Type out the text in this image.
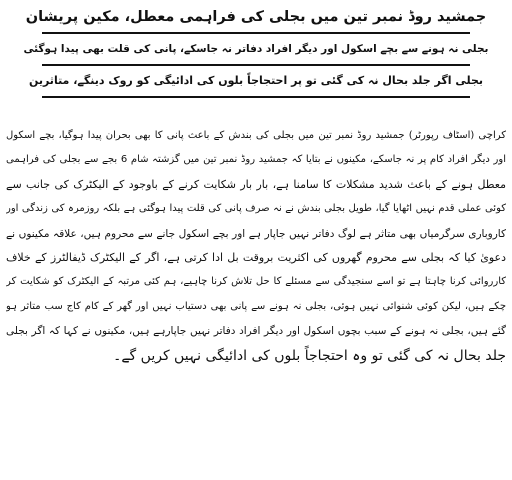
جمشید روڈ نمبر تین میں بجلی کی فراہمی معطل، مکین پریشان
بجلی نہ ہونے سے بچے اسکول اور دیگر افراد دفاتر نہ جاسکے، پانی کی قلت بھی پیدا ہوگئی
بجلی اگر جلد بحال نہ کی گئی تو پر احتجاجاً بلوں کی ادائیگی کو روک دینگے، متاثرین
کراچی (اسٹاف رپورٹر) جمشید روڈ نمبر تین میں بجلی کی بندش کے باعث پانی کا بھی بحران پیدا ہوگیا، بچے اسکول
اور دیگر افراد کام پر نہ جاسکے، مکینوں نے بتایا کہ جمشید روڈ نمبر تین میں گزشتہ شام 6 بجے سے بجلی کی فراہمی
معطل ہونے کے باعث شدید مشکلات کا سامنا ہے، بار بار شکایت کرنے کے باوجود کے الیکٹرک کی جانب سے
کوئی عملی قدم نہیں اٹھایا گیا، طویل بجلی بندش نے نہ صرف پانی کی قلت پیدا ہوگئی ہے بلکہ روزمرہ کی زندگی اور
کاروباری سرگرمیاں بھی متاثر ہے لوگ دفاتر نہیں جاپار ہے اور بچے اسکول جانے سے محروم ہیں، علاقہ مکینوں نے
دعویٰ کیا کہ بجلی سے محروم گھروں کی اکثریت بروقت بل ادا کرتی ہے، اگر کے الیکٹرک ڈیفالٹرز کے خلاف
کارروائی کرنا چاہتا ہے تو اسے سنجیدگی سے مسئلے کا حل تلاش کرنا چاہیے، ہم کئی مرتبہ کے الیکٹرک کو شکایت کر
چکے ہیں، لیکن کوئی شنوائی نہیں ہوئی، بجلی نہ ہونے سے پانی بھی دستیاب نہیں اور گھر کے کام کاج سب متاثر ہو
گئے ہیں، بجلی نہ ہونے کے سبب بچوں اسکول اور دیگر افراد دفاتر نہیں جاپارہے ہیں، مکینوں نے کہا کہ اگر بجلی
جلد بحال نہ کی گئی تو وہ احتجاجاً بلوں کی ادائیگی نہیں کریں گے۔
